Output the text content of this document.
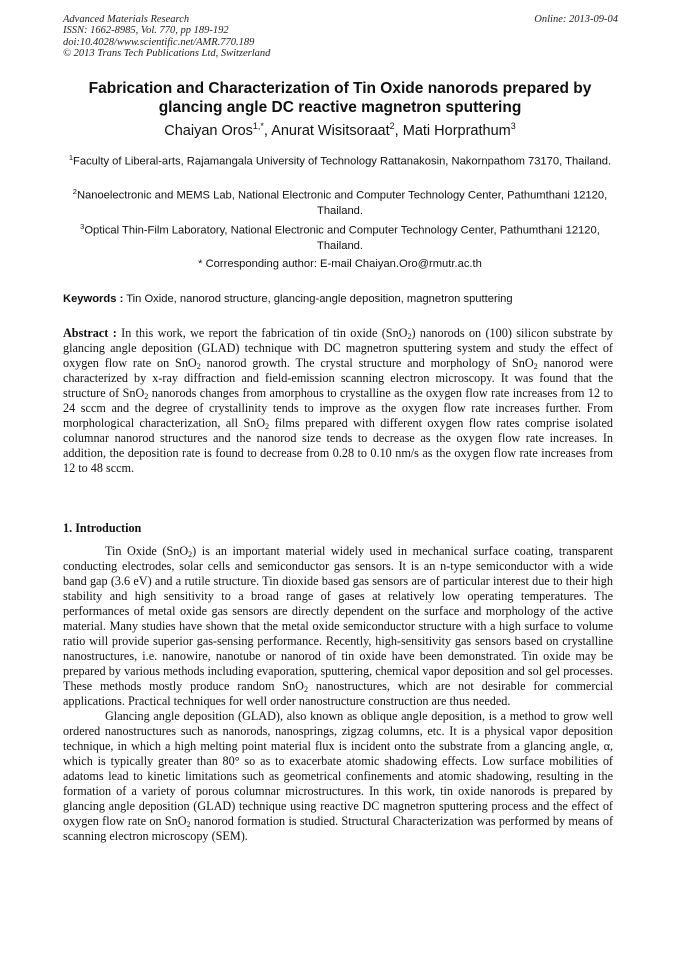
Advanced Materials Research
ISSN: 1662-8985, Vol. 770, pp 189-192
doi:10.4028/www.scientific.net/AMR.770.189
© 2013 Trans Tech Publications Ltd, Switzerland
Online: 2013-09-04
Fabrication and Characterization of Tin Oxide nanorods prepared by glancing angle DC reactive magnetron sputtering
Chaiyan Oros$^{1,*}$, Anurat Wisitsoraat$^2$, Mati Horprathum$^3$
$^1$Faculty of Liberal-arts, Rajamangala University of Technology Rattanakosin, Nakornpathom 73170, Thailand.
$^2$Nanoelectronic and MEMS Lab, National Electronic and Computer Technology Center, Pathumthani 12120, Thailand.
$^3$Optical Thin-Film Laboratory, National Electronic and Computer Technology Center, Pathumthani 12120, Thailand.
* Corresponding author: E-mail Chaiyan.Oro@rmutr.ac.th
Keywords : Tin Oxide, nanorod structure, glancing-angle deposition, magnetron sputtering
Abstract : In this work, we report the fabrication of tin oxide (SnO$_2$) nanorods on (100) silicon substrate by glancing angle deposition (GLAD) technique with DC magnetron sputtering system and study the effect of oxygen flow rate on SnO$_2$ nanorod growth. The crystal structure and morphology of SnO$_2$ nanorod were characterized by x-ray diffraction and field-emission scanning electron microscopy. It was found that the structure of SnO$_2$ nanorods changes from amorphous to crystalline as the oxygen flow rate increases from 12 to 24 sccm and the degree of crystallinity tends to improve as the oxygen flow rate increases further. From morphological characterization, all SnO$_2$ films prepared with different oxygen flow rates comprise isolated columnar nanorod structures and the nanorod size tends to decrease as the oxygen flow rate increases. In addition, the deposition rate is found to decrease from 0.28 to 0.10 nm/s as the oxygen flow rate increases from 12 to 48 sccm.
1. Introduction

Tin Oxide (SnO$_2$) is an important material widely used in mechanical surface coating, transparent conducting electrodes, solar cells and semiconductor gas sensors. It is an n-type semiconductor with a wide band gap (3.6 eV) and a rutile structure. Tin dioxide based gas sensors are of particular interest due to their high stability and high sensitivity to a broad range of gases at relatively low operating temperatures. The performances of metal oxide gas sensors are directly dependent on the surface and morphology of the active material. Many studies have shown that the metal oxide semiconductor structure with a high surface to volume ratio will provide superior gas-sensing performance. Recently, high-sensitivity gas sensors based on crystalline nanostructures, i.e. nanowire, nanotube or nanorod of tin oxide have been demonstrated. Tin oxide may be prepared by various methods including evaporation, sputtering, chemical vapor deposition and sol gel processes. These methods mostly produce random SnO$_2$ nanostructures, which are not desirable for commercial applications. Practical techniques for well order nanostructure construction are thus needed.

Glancing angle deposition (GLAD), also known as oblique angle deposition, is a method to grow well ordered nanostructures such as nanorods, nanosprings, zigzag columns, etc. It is a physical vapor deposition technique, in which a high melting point material flux is incident onto the substrate from a glancing angle, α, which is typically greater than 80° so as to exacerbate atomic shadowing effects. Low surface mobilities of adatoms lead to kinetic limitations such as geometrical confinements and atomic shadowing, resulting in the formation of a variety of porous columnar microstructures. In this work, tin oxide nanorods is prepared by glancing angle deposition (GLAD) technique using reactive DC magnetron sputtering process and the effect of oxygen flow rate on SnO$_2$ nanorod formation is studied. Structural Characterization was performed by means of scanning electron microscopy (SEM).
